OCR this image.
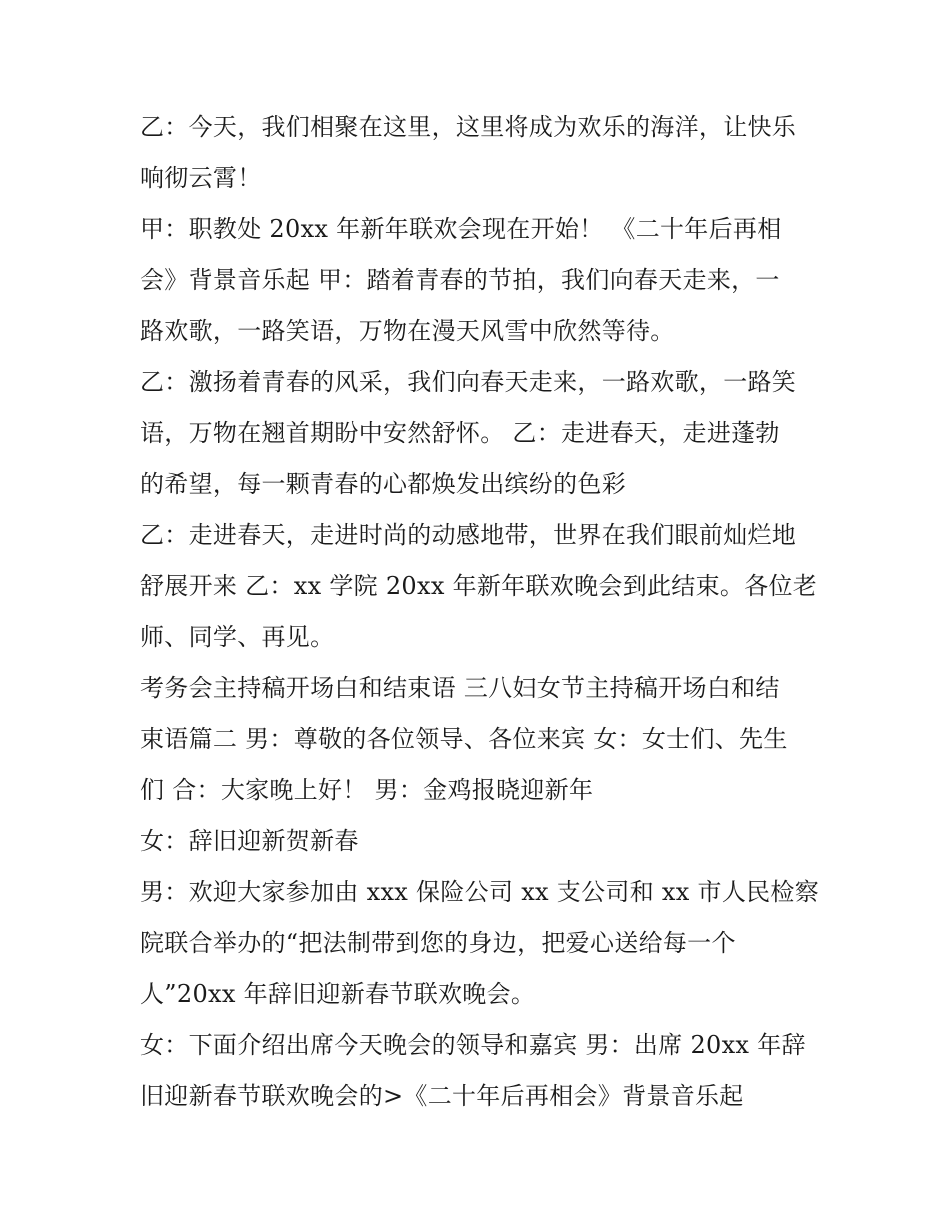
乙：今天，我们相聚在这里，这里将成为欢乐的海洋，让快乐
响彻云霄！
甲：职教处 20xx 年新年联欢会现在开始！ 《二十年后再相
会》背景音乐起 甲：踏着青春的节拍，我们向春天走来，一
路欢歌，一路笑语，万物在漫天风雪中欣然等待。
乙：激扬着青春的风采，我们向春天走来，一路欢歌，一路笑
语，万物在翘首期盼中安然舒怀。 乙：走进春天，走进蓬勃
的希望，每一颗青春的心都焕发出缤纷的色彩
乙：走进春天，走进时尚的动感地带，世界在我们眼前灿烂地
舒展开来 乙：xx 学院 20xx 年新年联欢晚会到此结束。各位老
师、同学、再见。
考务会主持稿开场白和结束语 三八妇女节主持稿开场白和结
束语篇二 男：尊敬的各位领导、各位来宾 女：女士们、先生
们 合：大家晚上好！ 男：金鸡报晓迎新年
女：辞旧迎新贺新春
男：欢迎大家参加由 xxx 保险公司 xx 支公司和 xx 市人民检察
院联合举办的“把法制带到您的身边，把爱心送给每一个
人”20xx 年辞旧迎新春节联欢晚会。
女：下面介绍出席今天晚会的领导和嘉宾 男：出席 20xx 年辞
旧迎新春节联欢晚会的>《二十年后再相会》背景音乐起
